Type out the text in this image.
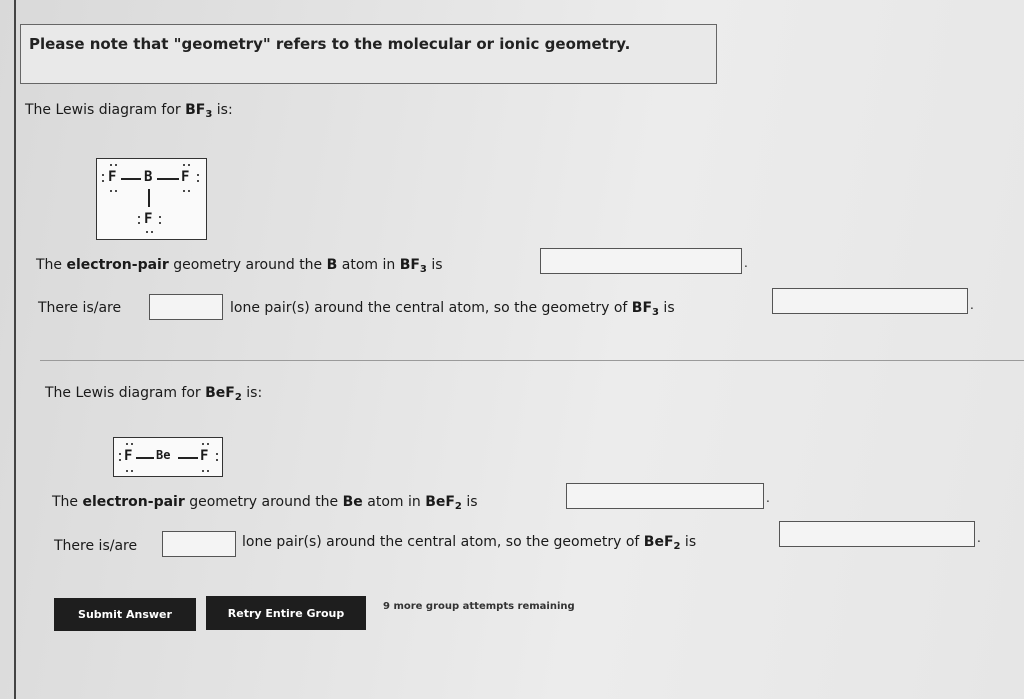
Please note that "geometry" refers to the molecular or ionic geometry.
The Lewis diagram for $BF_3$ is:
F B F
F
The electron-pair geometry around the B atom in $BF_3$ is	.
There is/are	lone pair(s) around the central atom, so the geometry of $BF_3$ is	.
The Lewis diagram for BeF$_2$ is:
F Be F
The electron-pair geometry around the Be atom in BeF$_2$ is	.
There is/are	lone pair(s) around the central atom, so the geometry of BeF$_2$ is	.
Submit Answer	Retry Entire Group	9 more group attempts remaining
